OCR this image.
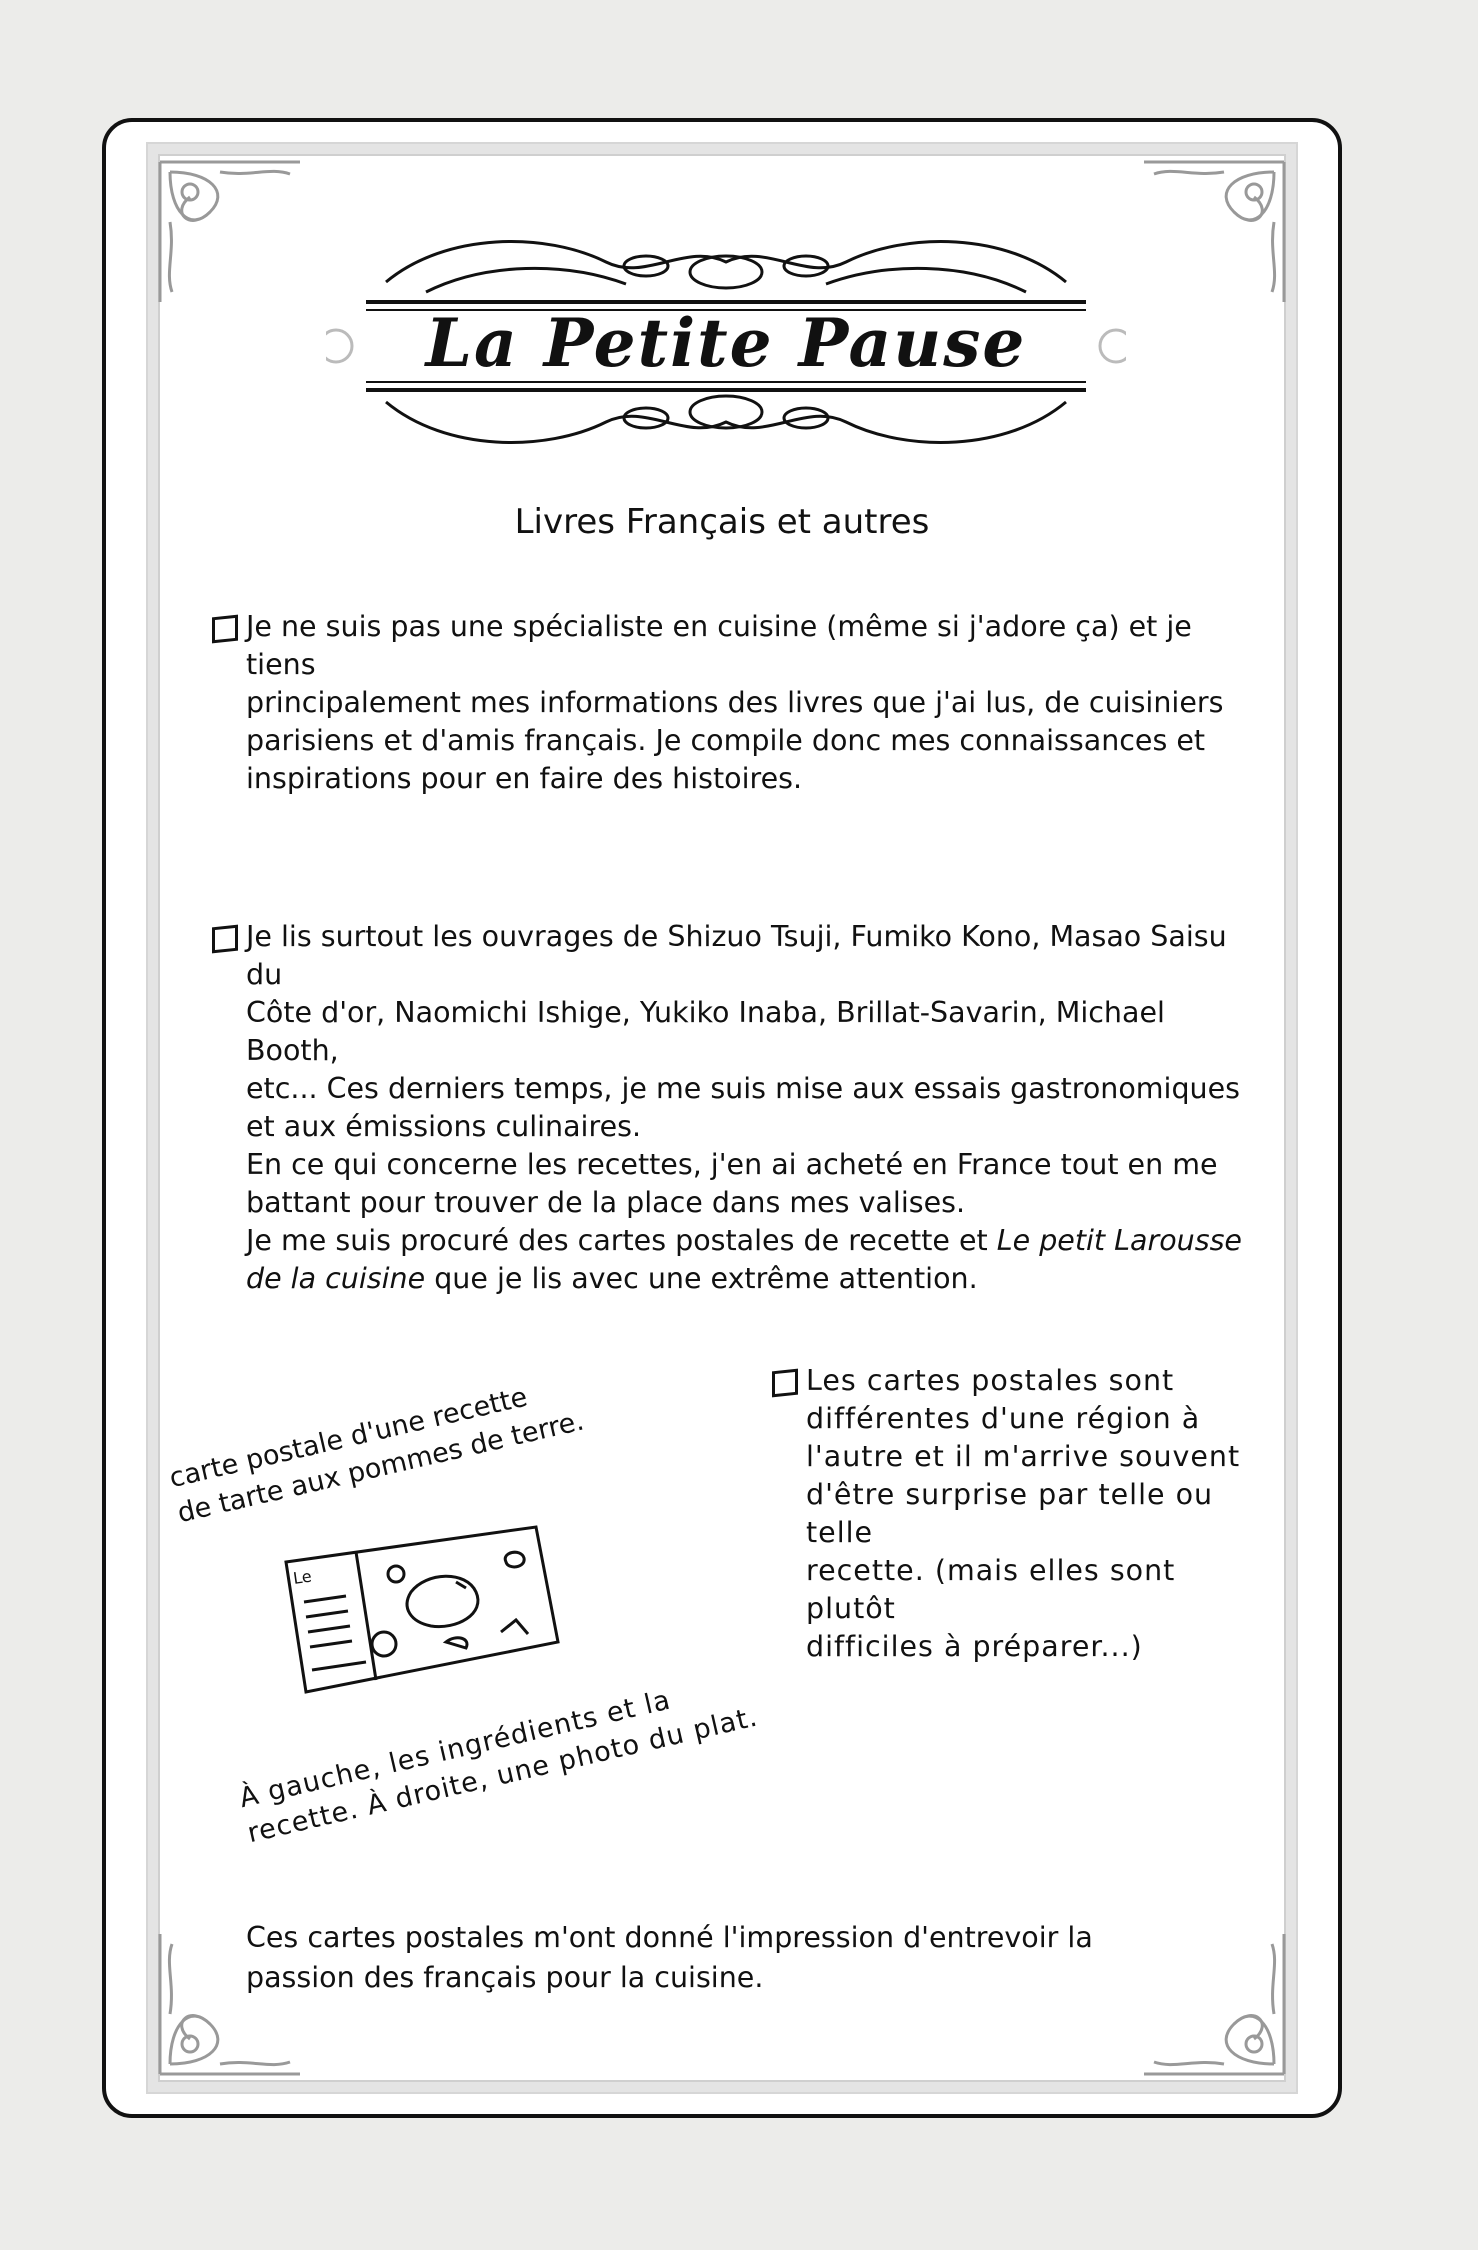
La Petite Pause
Livres Français et autres

Je ne suis pas une spécialiste en cuisine (même si j'adore ça) et je tiens
principalement mes informations des livres que j'ai lus, de cuisiniers
parisiens et d'amis français. Je compile donc mes connaissances et
inspirations pour en faire des histoires.

Je lis surtout les ouvrages de Shizuo Tsuji, Fumiko Kono, Masao Saisu du
Côte d'or, Naomichi Ishige, Yukiko Inaba, Brillat-Savarin, Michael Booth,
etc... Ces derniers temps, je me suis mise aux essais gastronomiques
et aux émissions culinaires.
En ce qui concerne les recettes, j'en ai acheté en France tout en me
battant pour trouver de la place dans mes valises.

Je me suis procuré des cartes postales de recette et Le petit Larousse
de la cuisine que je lis avec une extrême attention.

Les cartes postales sont
différentes d'une région à
l'autre et il m'arrive souvent
d'être surprise par telle ou telle
recette. (mais elles sont plutôt
difficiles à préparer...)

carte postale d'une recette
de tarte aux pommes de terre.
Le
À gauche, les ingrédients et la
recette. À droite, une photo du plat.

Ces cartes postales m'ont donné l'impression d'entrevoir la
passion des français pour la cuisine.
